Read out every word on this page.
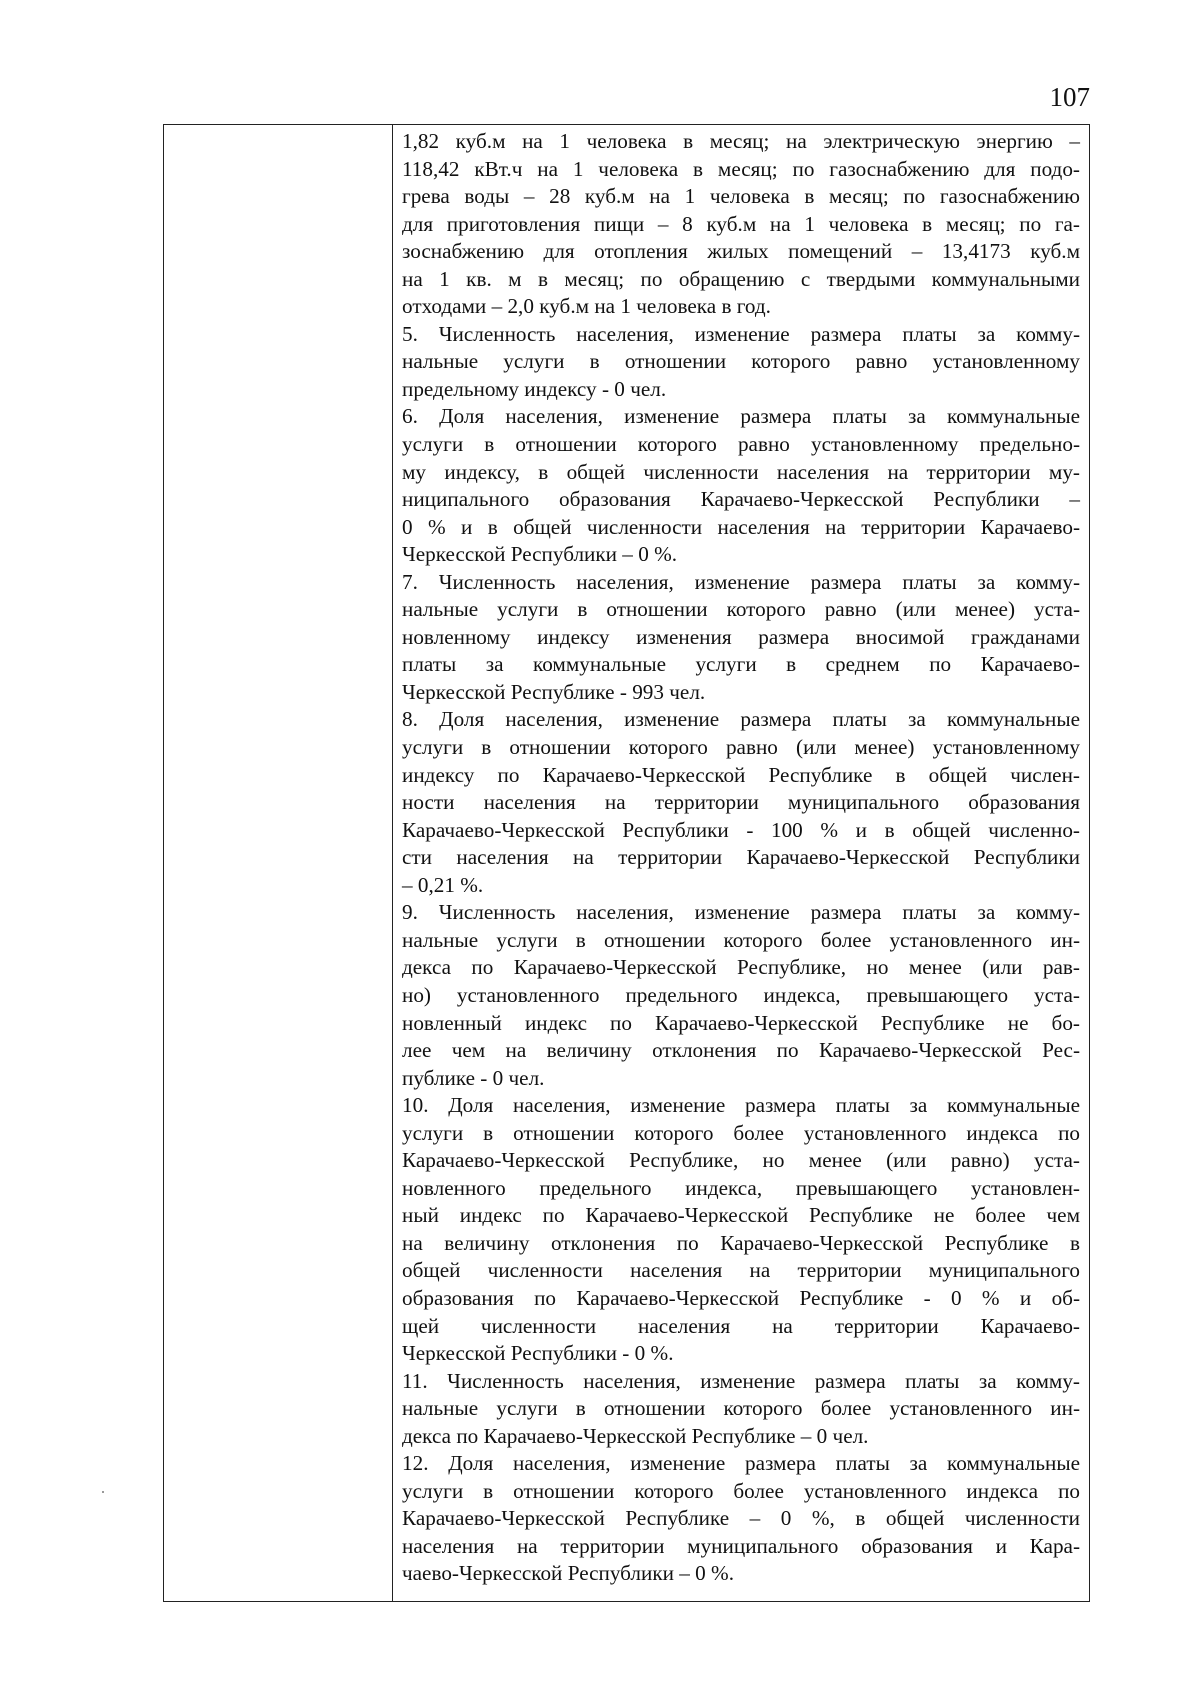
107

1,82 куб.м на 1 человека в месяц; на электрическую энергию –
118,42 кВт.ч на 1 человека в месяц; по газоснабжению для подо-
грева воды – 28 куб.м на 1 человека в месяц; по газоснабжению
для приготовления пищи – 8 куб.м на 1 человека в месяц; по га-
зоснабжению для отопления жилых помещений – 13,4173 куб.м
на 1 кв. м в месяц; по обращению с твердыми коммунальными
отходами – 2,0 куб.м на 1 человека в год.

5. Численность населения, изменение размера платы за комму-
нальные услуги в отношении которого равно установленному
предельному индексу - 0 чел.

6. Доля населения, изменение размера платы за коммунальные
услуги в отношении которого равно установленному предельно-
му индексу, в общей численности населения на территории му-
ниципального образования Карачаево-Черкесской Республики –
0 % и в общей численности населения на территории Карачаево-
Черкесской Республики – 0 %.

7. Численность населения, изменение размера платы за комму-
нальные услуги в отношении которого равно (или менее) уста-
новленному индексу изменения размера вносимой гражданами
платы за коммунальные услуги в среднем по Карачаево-
Черкесской Республике - 993 чел.

8. Доля населения, изменение размера платы за коммунальные
услуги в отношении которого равно (или менее) установленному
индексу по Карачаево-Черкесской Республике в общей числен-
ности населения на территории муниципального образования
Карачаево-Черкесской Республики - 100 % и в общей численно-
сти населения на территории Карачаево-Черкесской Республики
– 0,21 %.

9. Численность населения, изменение размера платы за комму-
нальные услуги в отношении которого более установленного ин-
декса по Карачаево-Черкесской Республике, но менее (или рав-
но) установленного предельного индекса, превышающего уста-
новленный индекс по Карачаево-Черкесской Республике не бо-
лее чем на величину отклонения по Карачаево-Черкесской Рес-
публике - 0 чел.

10. Доля населения, изменение размера платы за коммунальные
услуги в отношении которого более установленного индекса по
Карачаево-Черкесской Республике, но менее (или равно) уста-
новленного предельного индекса, превышающего установлен-
ный индекс по Карачаево-Черкесской Республике не более чем
на величину отклонения по Карачаево-Черкесской Республике в
общей численности населения на территории муниципального
образования по Карачаево-Черкесской Республике - 0 % и об-
щей численности населения на территории Карачаево-
Черкесской Республики - 0 %.

11. Численность населения, изменение размера платы за комму-
нальные услуги в отношении которого более установленного ин-
декса по Карачаево-Черкесской Республике – 0 чел.

12. Доля населения, изменение размера платы за коммунальные
услуги в отношении которого более установленного индекса по
Карачаево-Черкесской Республике – 0 %, в общей численности
населения на территории муниципального образования и Кара-
чаево-Черкесской Республики – 0 %.
